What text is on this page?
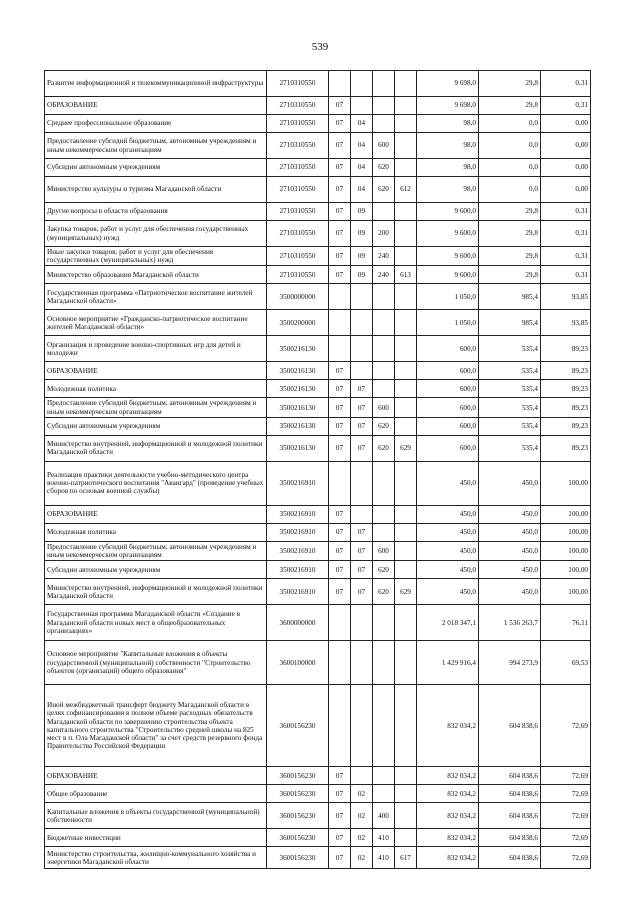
539
Развитие информационной и телекоммуникационной инфраструктуры	2710310550					9 698,0	29,8	0,31
ОБРАЗОВАНИЕ	2710310550	07				9 698,0	29,8	0,31
Среднее профессиональное образование	2710310550	07	04			98,0	0,0	0,00
Предоставление субсидий бюджетным, автономным учреждениям и иным некоммерческим организациям	2710310550	07	04	600		98,0	0,0	0,00
Субсидии автономным учреждениям	2710310550	07	04	620		98,0	0,0	0,00
Министерство культуры и туризма Магаданской области	2710310550	07	04	620	612	98,0	0,0	0,00
Другие вопросы в области образования	2710310550	07	09			9 600,0	29,8	0,31
Закупка товаров, работ и услуг для обеспечения государственных (муниципальных) нужд	2710310550	07	09	200		9 600,0	29,8	0,31
Иные закупки товаров, работ и услуг для обеспечения государственных (муниципальных) нужд	2710310550	07	09	240		9 600,0	29,8	0,31
Министерство образования Магаданской области	2710310550	07	09	240	613	9 600,0	29,8	0,31
Государственная программа «Патриотическое воспитание жителей Магаданской области»	3500000000					1 050,0	985,4	93,85
Основное мероприятие «Гражданско-патриотическое воспитание жителей Магаданской области»	3500200000					1 050,0	985,4	93,85
Организация и проведение военно-спортивных игр для детей и молодежи	3500216130					600,0	535,4	89,23
ОБРАЗОВАНИЕ	3500216130	07				600,0	535,4	89,23
Молодежная политика	3500216130	07	07			600,0	535,4	89,23
Предоставление субсидий бюджетным, автономным учреждениям и иным некоммерческим организациям	3500216130	07	07	600		600,0	535,4	89,23
Субсидии автономным учреждениям	3500216130	07	07	620		600,0	535,4	89,23
Министерство внутренней, информационной и молодежной политики Магаданской области	3500216130	07	07	620	629	600,0	535,4	89,23
Реализация практики деятельности учебно-методического центра военно-патриотического воспитания "Авангард" (проведение учебных сборов по основам военной службы)	3500216910					450,0	450,0	100,00
ОБРАЗОВАНИЕ	3500216910	07				450,0	450,0	100,00
Молодежная политика	3500216910	07	07			450,0	450,0	100,00
Предоставление субсидий бюджетным, автономным учреждениям и иным некоммерческим организациям	3500216910	07	07	600		450,0	450,0	100,00
Субсидии автономным учреждениям	3500216910	07	07	620		450,0	450,0	100,00
Министерство внутренней, информационной и молодежной политики Магаданской области	3500216910	07	07	620	629	450,0	450,0	100,00
Государственная программа Магаданской области «Создание в Магаданской области новых мест в общеобразовательных организациях»	3600000000					2 018 347,1	1 536 263,7	76,11
Основное мероприятие "Капитальные вложения в объекты государственной (муниципальной) собственности "Строительство объектов (организаций) общего образования"	3600100000					1 429 916,4	994 273,9	69,53
Иной межбюджетный трансферт бюджету Магаданской области в целях софинансирования в полном объеме расходных обязательств Магаданской области по завершению строительства объекта капитального строительства "Строительство средней школы на 825 мест в п. Ола Магаданской области" за счет средств резервного фонда Правительства Российской Федерации	3600156230					832 034,2	604 838,6	72,69
ОБРАЗОВАНИЕ	3600156230	07				832 034,2	604 838,6	72,69
Общее образование	3600156230	07	02			832 034,2	604 838,6	72,69
Капитальные вложения в объекты государственной (муниципальной) собственности	3600156230	07	02	400		832 034,2	604 838,6	72,69
Бюджетные инвестиции	3600156230	07	02	410		832 034,2	604 838,6	72,69
Министерство строительства, жилищно-коммунального хозяйства и энергетики Магаданской области	3600156230	07	02	410	617	832 034,2	604 838,6	72,69
